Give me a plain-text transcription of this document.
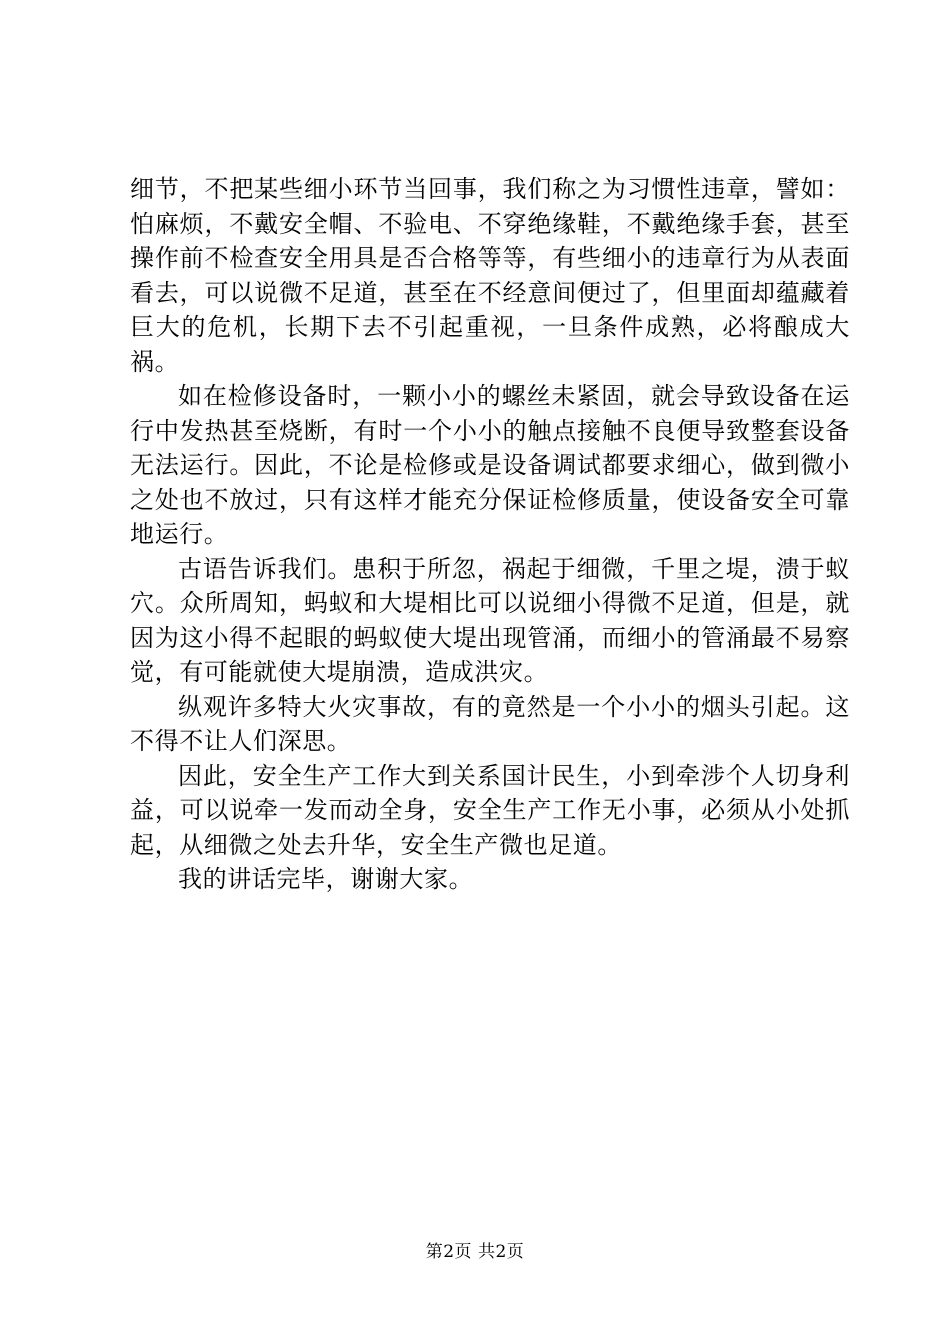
细节，不把某些细小环节当回事，我们称之为习惯性违章，譬如：怕麻烦，不戴安全帽、不验电、不穿绝缘鞋，不戴绝缘手套，甚至操作前不检查安全用具是否合格等等，有些细小的违章行为从表面看去，可以说微不足道，甚至在不经意间便过了，但里面却蕴藏着巨大的危机，长期下去不引起重视，一旦条件成熟，必将酿成大祸。

如在检修设备时，一颗小小的螺丝未紧固，就会导致设备在运行中发热甚至烧断，有时一个小小的触点接触不良便导致整套设备无法运行。因此，不论是检修或是设备调试都要求细心，做到微小之处也不放过，只有这样才能充分保证检修质量，使设备安全可靠地运行。

古语告诉我们。患积于所忽，祸起于细微，千里之堤，溃于蚁穴。众所周知，蚂蚁和大堤相比可以说细小得微不足道，但是，就因为这小得不起眼的蚂蚁使大堤出现管涌，而细小的管涌最不易察觉，有可能就使大堤崩溃，造成洪灾。

纵观许多特大火灾事故，有的竟然是一个小小的烟头引起。这不得不让人们深思。

因此，安全生产工作大到关系国计民生，小到牵涉个人切身利益，可以说牵一发而动全身，安全生产工作无小事，必须从小处抓起，从细微之处去升华，安全生产微也足道。

我的讲话完毕，谢谢大家。

第2页 共2页
